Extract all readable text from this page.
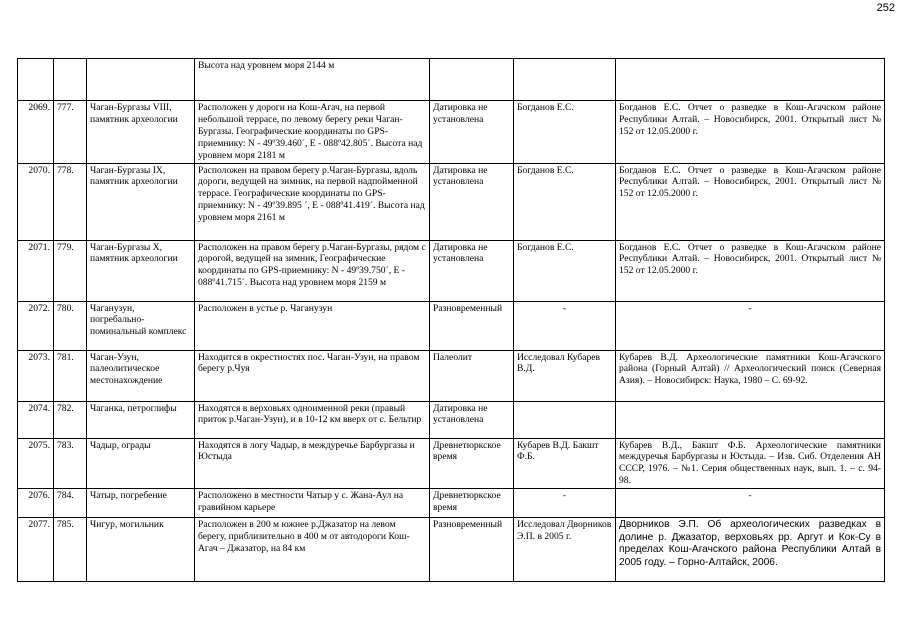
252
			Высота над уровнем моря 2144 м			
2069.	777.	Чаган-Бургазы VIII, памятник археологии	Расположен у дороги на Кош-Агач, на первой небольшой террасе, по левому берегу реки Чаган-Бургазы. Географические координаты по GPS-приемнику: N - 49º39.460´, E - 088º42.805´. Высота над уровнем моря 2181 м	Датировка не установлена	Богданов Е.С.	Богданов Е.С. Отчет о разведке в Кош-Агачском районе Республики Алтай. – Новосибирск, 2001. Открытый лист № 152 от 12.05.2000 г.
2070.	778.	Чаган-Бургазы IX, памятник археологии	Расположен на правом берегу р.Чаган-Бургазы, вдоль дороги, ведущей на зимник, на первой надпойменной террасе. Географические координаты по GPS-приемнику: N - 49º39.895 ´, E - 088º41.419´. Высота над уровнем моря 2161 м	Датировка не установлена	Богданов Е.С.	Богданов Е.С. Отчет о разведке в Кош-Агачском районе Республики Алтай. – Новосибирск, 2001. Открытый лист № 152 от 12.05.2000 г.
2071.	779.	Чаган-Бургазы X, памятник археологии	Расположен на правом берегу р.Чаган-Бургазы, рядом с дорогой, ведущей на зимник, Географические координаты по GPS-приемнику: N - 49º39.750´, E - 088º41.715´. Высота над уровнем моря 2159 м	Датировка не установлена	Богданов Е.С.	Богданов Е.С. Отчет о разведке в Кош-Агачском районе Республики Алтай. – Новосибирск, 2001. Открытый лист № 152 от 12.05.2000 г.
2072.	780.	Чаганузун, погребально-поминальный комплекс	Расположен в устье р. Чаганузун	Разновременный	-	-
2073.	781.	Чаган-Узун, палеолитическое местонахождение	Находится в окрестностях пос. Чаган-Узун, на правом берегу р.Чуя	Палеолит	Исследовал Кубарев В.Д.	Кубарев В.Д. Археологические памятники Кош-Агачского района (Горный Алтай) // Археологический поиск (Северная Азия). – Новосибирск: Наука, 1980 – С. 69-92.
2074.	782.	Чаганка, петроглифы	Находятся в верховьях одноименной реки (правый приток р.Чаган-Узун), и в 10-12 км вверх от с. Бельтир	Датировка не установлена		
2075.	783.	Чадыр, ограды	Находятся в логу Чадыр, в междуречье Барбургазы и Юстыда	Древнетюркское время	Кубарев В.Д. Бакшт Ф.Б.	Кубарев В.Д., Бакшт Ф.Б. Археологические памятники междуречья Барбургазы и Юстыда. – Изв. Сиб. Отделения АН СССР, 1976. – №1. Серия общественных наук, вып. 1. – с. 94-98.
2076.	784.	Чатыр, погребение	Расположено в местности Чатыр у с. Жана-Аул на гравийном карьере	Древнетюркское время	-	-
2077.	785.	Чигур, могильник	Расположен в 200 м южнее р.Джазатор на левом берегу, приблизительно в 400 м от автодороги Кош-Агач – Джазатор, на 84 км	Разновременный	Исследовал Дворников Э.П. в 2005 г.	Дворников Э.П. Об археологических разведках в долине р. Джазатор, верховьях рр. Аргут и Кок-Су в пределах Кош-Агачского района Республики Алтай в 2005 году. – Горно-Алтайск, 2006.
